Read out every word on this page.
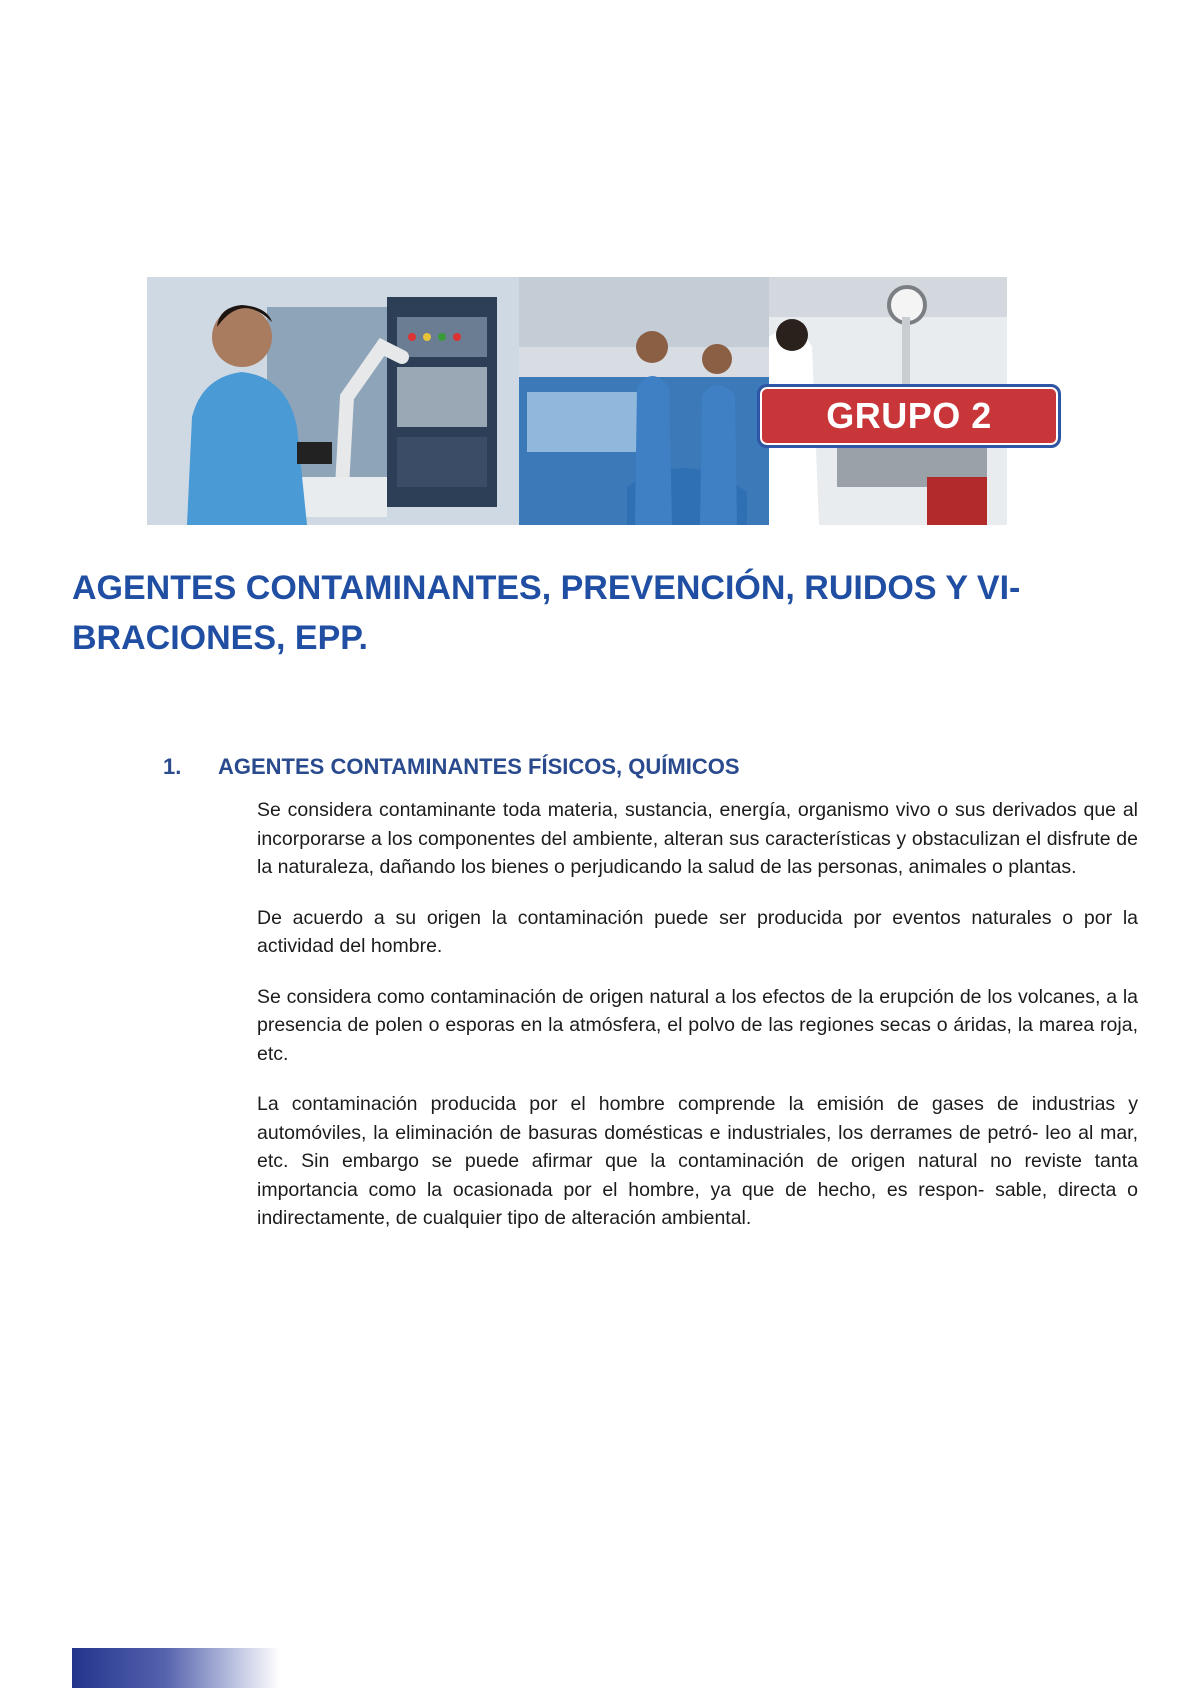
GRUPO 2
AGENTES CONTAMINANTES, PREVENCIÓN, RUIDOS Y VI-BRACIONES, EPP.
1. AGENTES CONTAMINANTES FÍSICOS, QUÍMICOS

Se considera contaminante toda materia, sustancia, energía, organismo vivo o sus derivados que al incorporarse a los componentes del ambiente, alteran sus características y obstaculizan el disfrute de la naturaleza, dañando los bienes o perjudicando la salud de las personas, animales o plantas.

De acuerdo a su origen la contaminación puede ser producida por eventos naturales o por la actividad del hombre.

Se considera como contaminación de origen natural a los efectos de la erupción de los volcanes, a la presencia de polen o esporas en la atmósfera, el polvo de las regiones secas o áridas, la marea roja, etc.

La contaminación producida por el hombre comprende la emisión de gases de industrias y automóviles, la eliminación de basuras domésticas e industriales, los derrames de petró- leo al mar, etc. Sin embargo se puede afirmar que la contaminación de origen natural no reviste tanta importancia como la ocasionada por el hombre, ya que de hecho, es respon- sable, directa o indirectamente, de cualquier tipo de alteración ambiental.
